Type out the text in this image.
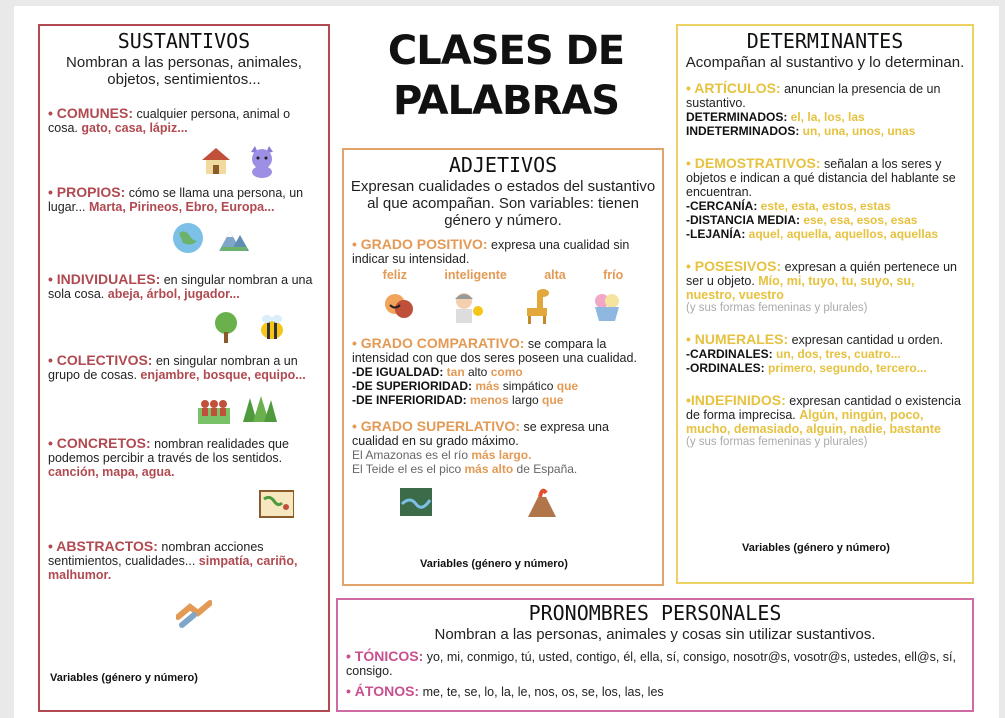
CLASES DE
PALABRAS
SUSTANTIVOS
Nombran a las personas, animales, objetos, sentimientos...
• COMUNES: cualquier persona, animal o cosa. gato, casa, lápiz...
• PROPIOS: cómo se llama una persona, un lugar... Marta, Pirineos, Ebro, Europa...
• INDIVIDUALES: en singular nombran a una sola cosa. abeja, árbol, jugador...
• COLECTIVOS: en singular nombran a un grupo de cosas. enjambre, bosque, equipo...
• CONCRETOS: nombran realidades que podemos percibir a través de los sentidos. canción, mapa, agua.
• ABSTRACTOS: nombran acciones sentimientos, cualidades... simpatía, cariño, malhumor.
Variables (género y número)
ADJETIVOS
Expresan cualidades o estados del sustantivo al que acompañan. Son variables: tienen género y número.
• GRADO POSITIVO: expresa una cualidad sin indicar su intensidad.
feliz	inteligente	alta	frío
• GRADO COMPARATIVO: se compara la intensidad con que dos seres poseen una cualidad.
-DE IGUALDAD: tan alto como
-DE SUPERIORIDAD: más simpático que
-DE INFERIORIDAD: menos largo que
• GRADO SUPERLATIVO: se expresa una cualidad en su grado máximo.
El Amazonas es el río más largo.
El Teide el es el pico más alto de España.
Variables (género y número)
DETERMINANTES
Acompañan al sustantivo y lo determinan.
• ARTÍCULOS: anuncian la presencia de un sustantivo.
DETERMINADOS: el, la, los, las
INDETERMINADOS: un, una, unos, unas
• DEMOSTRATIVOS: señalan a los seres y objetos e indican a qué distancia del hablante se encuentran.
-CERCANÍA: este, esta, estos, estas
-DISTANCIA MEDIA: ese, esa, esos, esas
-LEJANÍA: aquel, aquella, aquellos, aquellas
• POSESIVOS: expresan a quién pertenece un ser u objeto. Mío, mi, tuyo, tu, suyo, su, nuestro, vuestro
(y sus formas femeninas y plurales)
• NUMERALES: expresan cantidad u orden.
-CARDINALES: un, dos, tres, cuatro...
-ORDINALES: primero, segundo, tercero...
•INDEFINIDOS: expresan cantidad o existencia de forma imprecisa. Algún, ningún, poco, mucho, demasiado, alguin, nadie, bastante
(y sus formas femeninas y plurales)
Variables (género y número)
PRONOMBRES PERSONALES
Nombran a las personas, animales y cosas sin utilizar sustantivos.
• TÓNICOS: yo, mi, conmigo, tú, usted, contigo, él, ella, sí, consigo, nosotr@s, vosotr@s, ustedes, ell@s, sí, consigo.
• ÁTONOS: me, te, se, lo, la, le, nos, os, se, los, las, les
